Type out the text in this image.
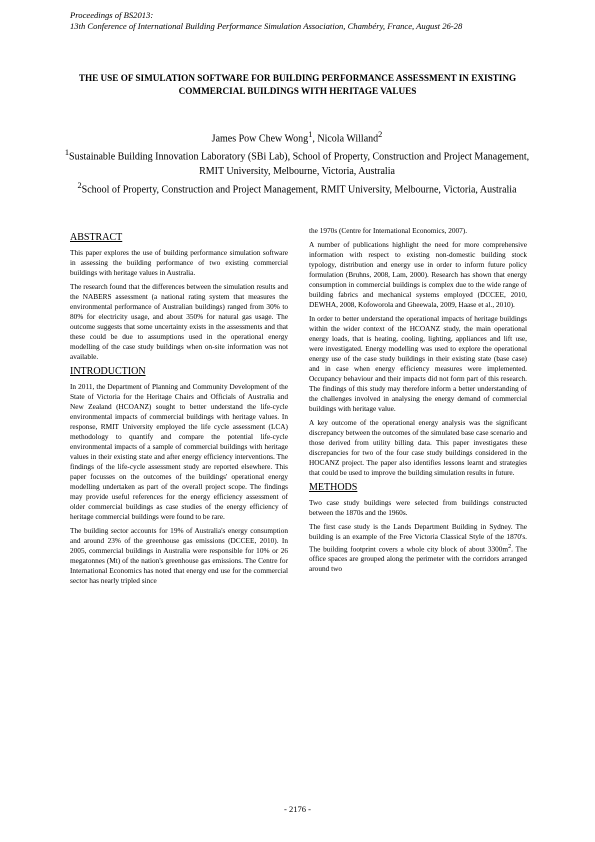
Proceedings of BS2013:
13th Conference of International Building Performance Simulation Association, Chambéry, France, August 26-28
THE USE OF SIMULATION SOFTWARE FOR BUILDING PERFORMANCE ASSESSMENT IN EXISTING COMMERCIAL BUILDINGS WITH HERITAGE VALUES
James Pow Chew Wong$^1$, Nicola Willand$^2$

$^1$Sustainable Building Innovation Laboratory (SBi Lab), School of Property, Construction and Project Management, RMIT University, Melbourne, Victoria, Australia

$^2$School of Property, Construction and Project Management, RMIT University, Melbourne, Victoria, Australia

ABSTRACT

This paper explores the use of building performance simulation software in assessing the building performance of two existing commercial buildings with heritage values in Australia.

The research found that the differences between the simulation results and the NABERS assessment (a national rating system that measures the environmental performance of Australian buildings) ranged from 30% to 80% for electricity usage, and about 350% for natural gas usage. The outcome suggests that some uncertainty exists in the assessments and that these could be due to assumptions used in the operational energy modelling of the case study buildings when on-site information was not available.

INTRODUCTION

In 2011, the Department of Planning and Community Development of the State of Victoria for the Heritage Chairs and Officials of Australia and New Zealand (HCOANZ) sought to better understand the life-cycle environmental impacts of commercial buildings with heritage values. In response, RMIT University employed the life cycle assessment (LCA) methodology to quantify and compare the potential life-cycle environmental impacts of a sample of commercial buildings with heritage values in their existing state and after energy efficiency interventions. The findings of the life-cycle assessment study are reported elsewhere. This paper focusses on the outcomes of the buildings' operational energy modelling undertaken as part of the overall project scope. The findings may provide useful references for the energy efficiency assessment of older commercial buildings as case studies of the energy efficiency of heritage commercial buildings were found to be rare.

The building sector accounts for 19% of Australia's energy consumption and around 23% of the greenhouse gas emissions (DCCEE, 2010). In 2005, commercial buildings in Australia were responsible for 10% or 26 megatonnes (Mt) of the nation's greenhouse gas emissions. The Centre for International Economics has noted that energy end use for the commercial sector has nearly tripled since

the 1970s (Centre for International Economics, 2007).

A number of publications highlight the need for more comprehensive information with respect to existing non-domestic building stock typology, distribution and energy use in order to inform future policy formulation (Bruhns, 2008, Lam, 2000). Research has shown that energy consumption in commercial buildings is complex due to the wide range of building fabrics and mechanical systems employed (DCCEE, 2010, DEWHA, 2008, Kofoworola and Gheewala, 2009, Haase et al., 2010).

In order to better understand the operational impacts of heritage buildings within the wider context of the HCOANZ study, the main operational energy loads, that is heating, cooling, lighting, appliances and lift use, were investigated. Energy modelling was used to explore the operational energy use of the case study buildings in their existing state (base case) and in case when energy efficiency measures were implemented. Occupancy behaviour and their impacts did not form part of this research. The findings of this study may therefore inform a better understanding of the challenges involved in analysing the energy demand of commercial buildings with heritage value.

A key outcome of the operational energy analysis was the significant discrepancy between the outcomes of the simulated base case scenario and those derived from utility billing data. This paper investigates these discrepancies for two of the four case study buildings considered in the HOCANZ project. The paper also identifies lessons learnt and strategies that could be used to improve the building simulation results in future.

METHODS

Two case study buildings were selected from buildings constructed between the 1870s and the 1960s.

The first case study is the Lands Department Building in Sydney. The building is an example of the Free Victoria Classical Style of the 1870's. The building footprint covers a whole city block of about $3300m^2$. The office spaces are grouped along the perimeter with the corridors arranged around two

- 2176 -
